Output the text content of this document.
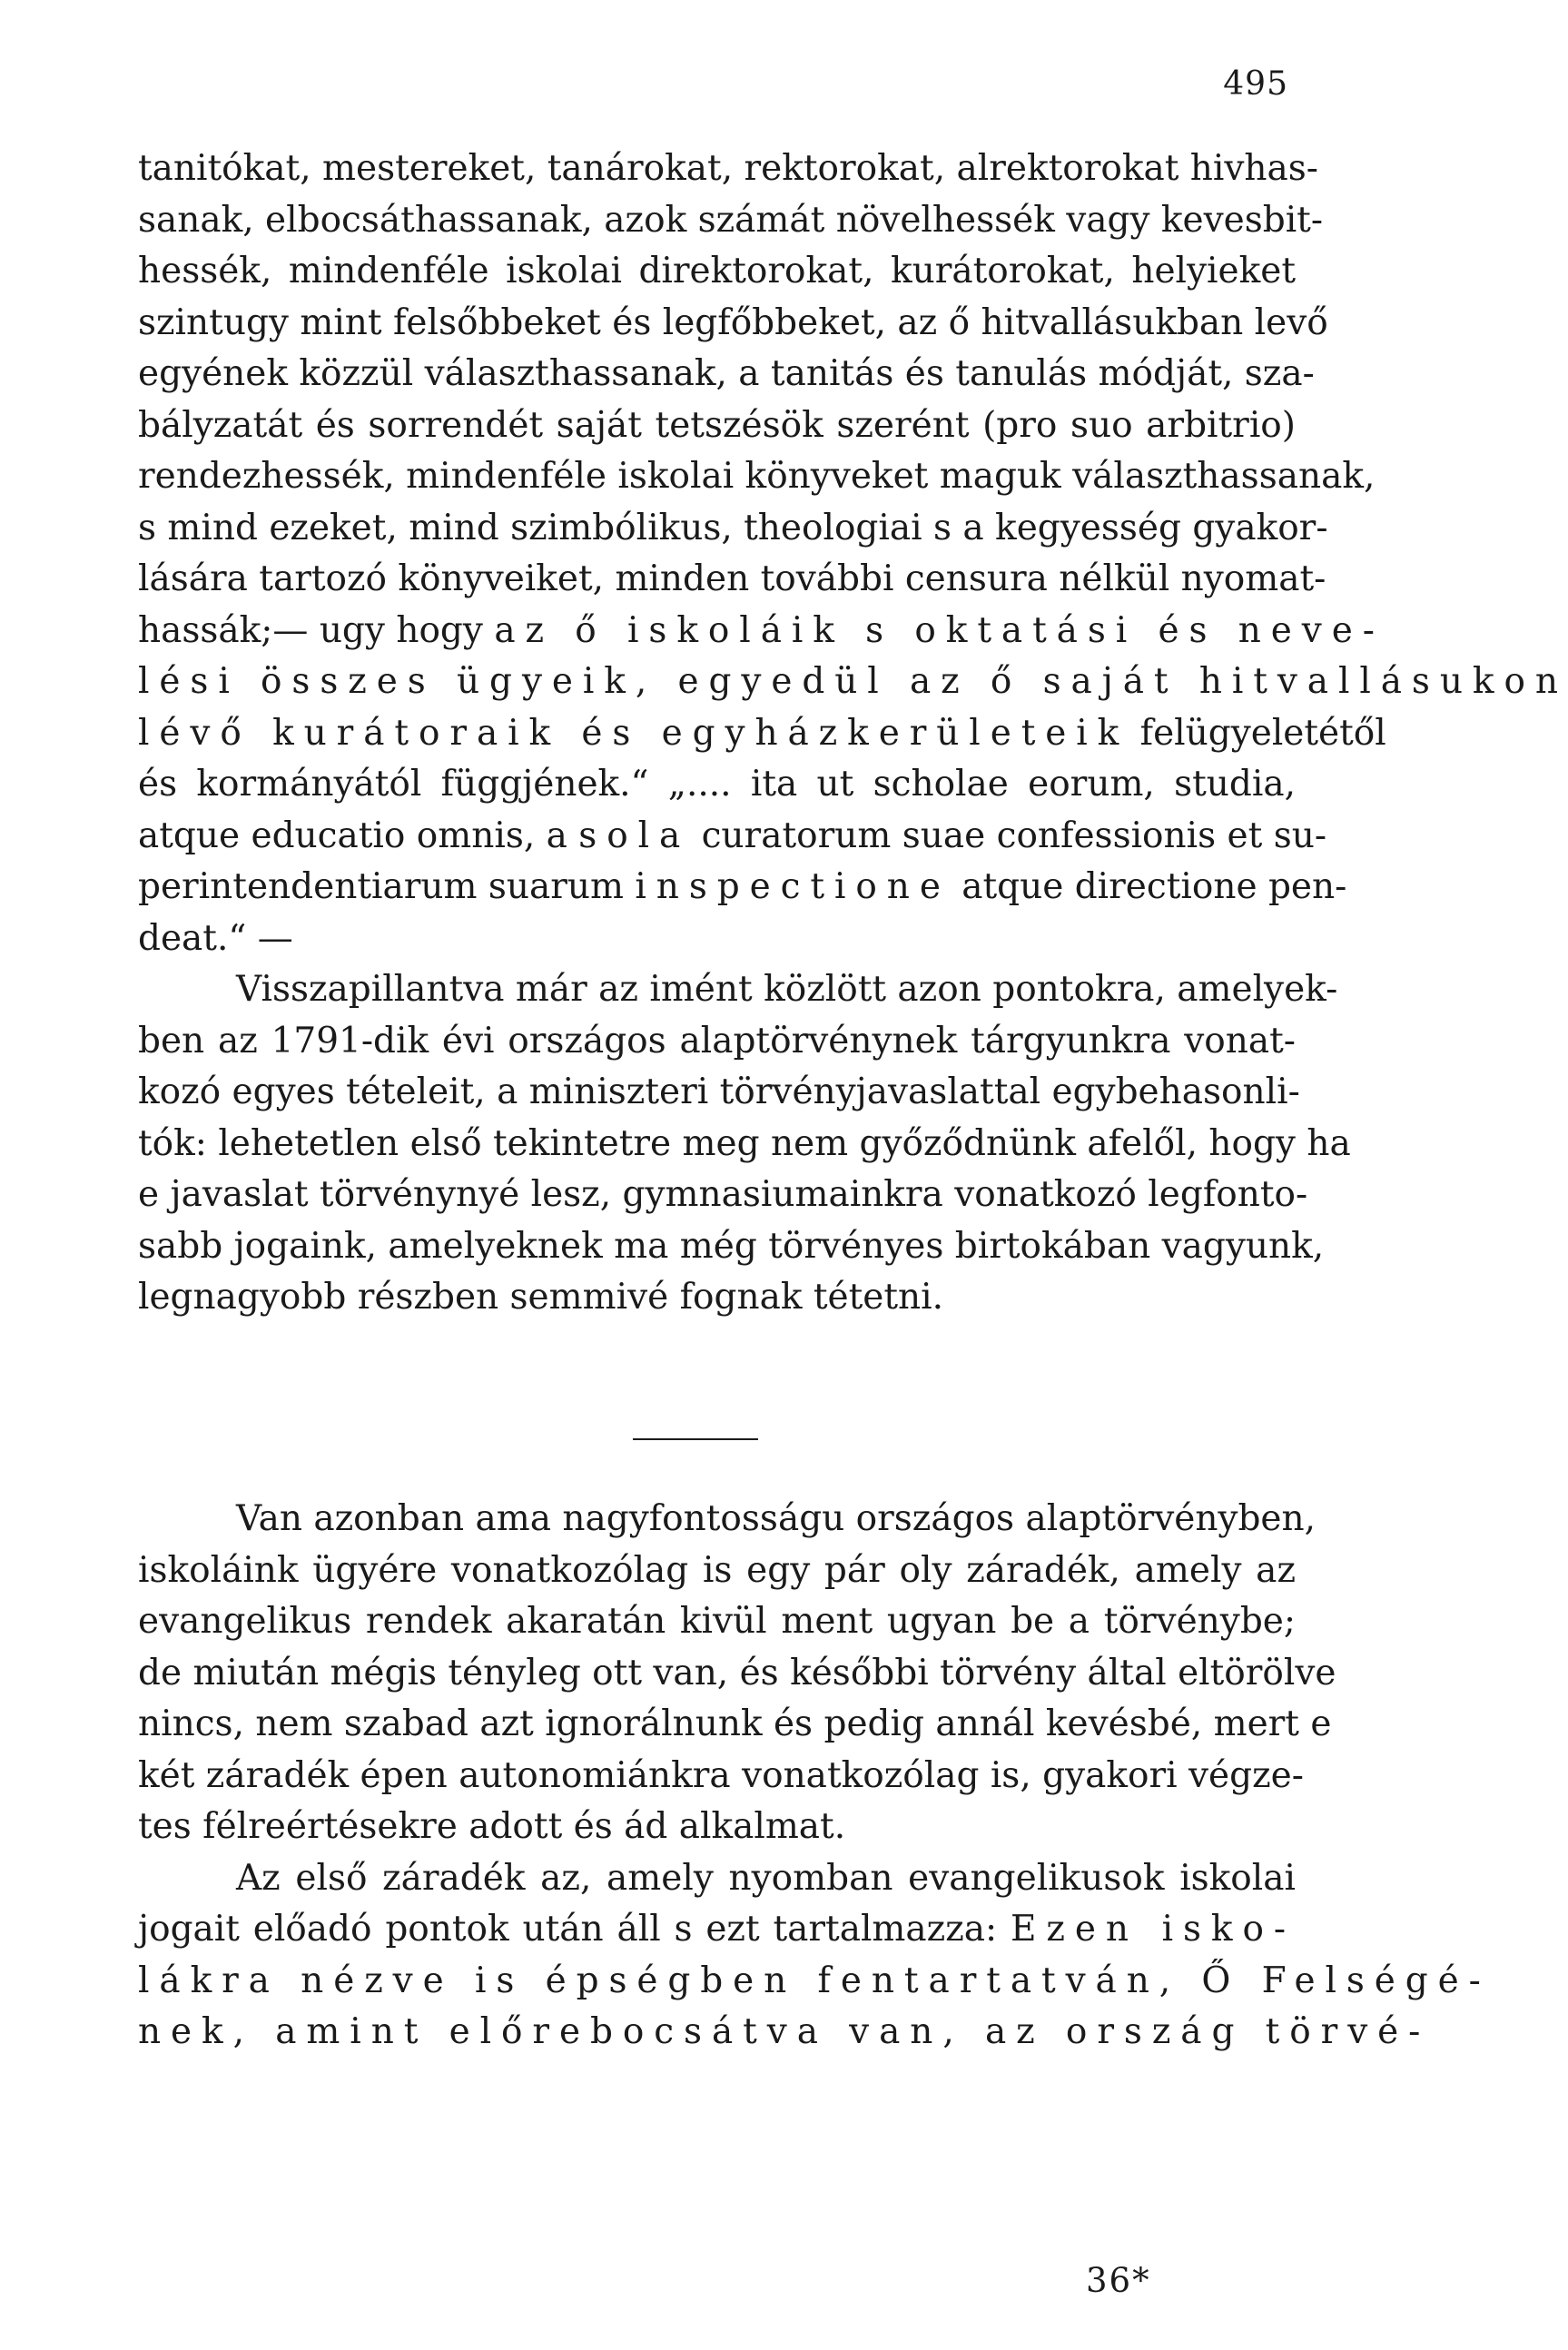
495
tanitókat, mestereket, tanárokat, rektorokat, alrektorokat hivhas-
sanak, elbocsáthassanak, azok számát növelhessék vagy kevesbit-
hessék, mindenféle iskolai direktorokat, kurátorokat, helyieket
szintugy mint felsőbbeket és legfőbbeket, az ő hitvallásukban levő
egyének közzül választhassanak, a tanitás és tanulás módját, sza-
bályzatát és sorrendét saját tetszésök szerént (pro suo arbitrio)
rendezhessék, mindenféle iskolai könyveket maguk választhassanak,
s mind ezeket, mind szimbólikus, theologiai s a kegyesség gyakor-
lására tartozó könyveiket, minden további censura nélkül nyomat-
hassák;— ugy hogy az ő iskoláik s oktatási és neve-
lési összes ügyeik, egyedül az ő saját hitvallásukon
lévő kurátoraik és egyházkerületeik felügyeletétől
és kormányától függjének.“ „.... ita ut scholae eorum, studia,
atque educatio omnis, a sola curatorum suae confessionis et su-
perintendentiarum suarum inspectione atque directione pen-
deat.“ —
Visszapillantva már az imént közlött azon pontokra, amelyek-
ben az 1791-dik évi országos alaptörvénynek tárgyunkra vonat-
kozó egyes tételeit, a miniszteri törvényjavaslattal egybehasonli-
tók: lehetetlen első tekintetre meg nem győződnünk afelől, hogy ha
e javaslat törvénynyé lesz, gymnasiumainkra vonatkozó legfonto-
sabb jogaink, amelyeknek ma még törvényes birtokában vagyunk,
legnagyobb részben semmivé fognak tétetni.
Van azonban ama nagyfontosságu országos alaptörvényben,
iskoláink ügyére vonatkozólag is egy pár oly záradék, amely az
evangelikus rendek akaratán kivül ment ugyan be a törvénybe;
de miután mégis tényleg ott van, és későbbi törvény által eltörölve
nincs, nem szabad azt ignorálnunk és pedig annál kevésbé, mert e
két záradék épen autonomiánkra vonatkozólag is, gyakori végze-
tes félreértésekre adott és ád alkalmat.
Az első záradék az, amely nyomban evangelikusok iskolai
jogait előadó pontok után áll s ezt tartalmazza: Ezen isko-
lákra nézve is épségben fentartatván, Ő Felségé-
nek, amint előrebocsátva van, az ország törvé-
36*
